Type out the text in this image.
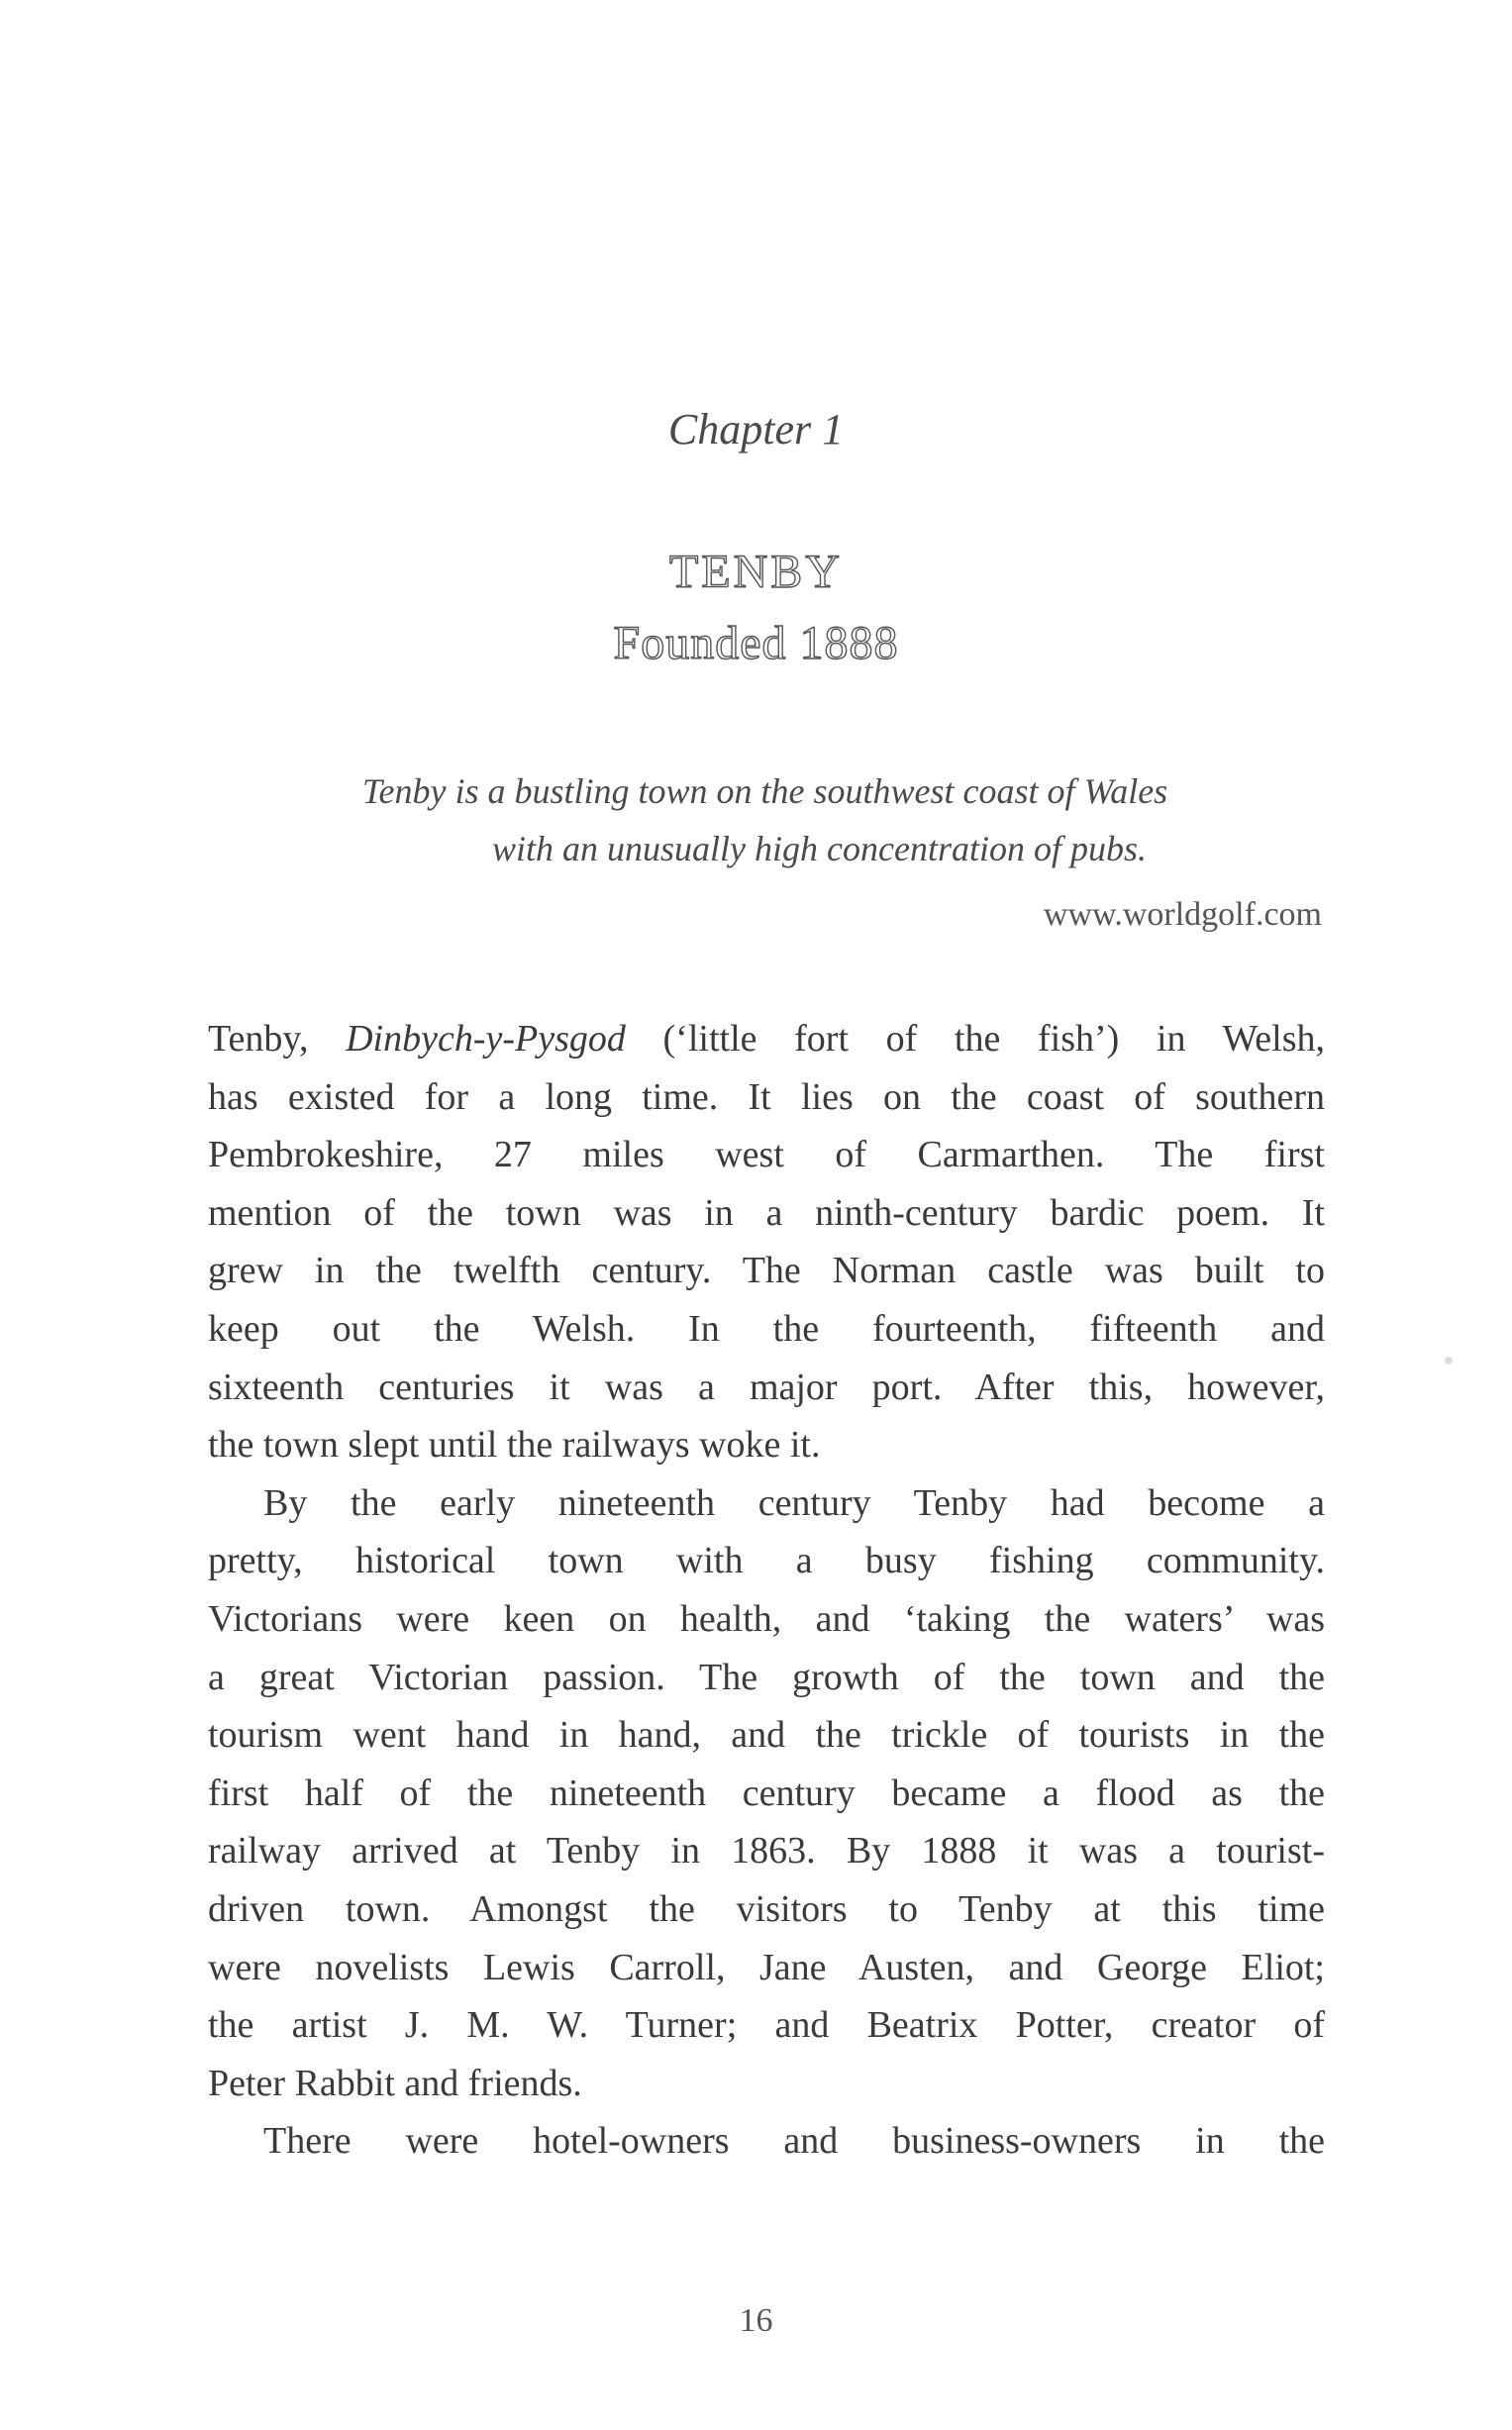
Chapter 1
TENBY
Founded 1888
Tenby is a bustling town on the southwest coast of Wales
with an unusually high concentration of pubs.
www.worldgolf.com
Tenby, Dinbych-y-Pysgod (‘little fort of the fish’) in Welsh,
has existed for a long time. It lies on the coast of southern
Pembrokeshire, 27 miles west of Carmarthen. The first
mention of the town was in a ninth-century bardic poem. It
grew in the twelfth century. The Norman castle was built to
keep out the Welsh. In the fourteenth, fifteenth and
sixteenth centuries it was a major port. After this, however,
the town slept until the railways woke it.
By the early nineteenth century Tenby had become a
pretty, historical town with a busy fishing community.
Victorians were keen on health, and ‘taking the waters’ was
a great Victorian passion. The growth of the town and the
tourism went hand in hand, and the trickle of tourists in the
first half of the nineteenth century became a flood as the
railway arrived at Tenby in 1863. By 1888 it was a tourist-
driven town. Amongst the visitors to Tenby at this time
were novelists Lewis Carroll, Jane Austen, and George Eliot;
the artist J. M. W. Turner; and Beatrix Potter, creator of
Peter Rabbit and friends.
There were hotel-owners and business-owners in the
16
